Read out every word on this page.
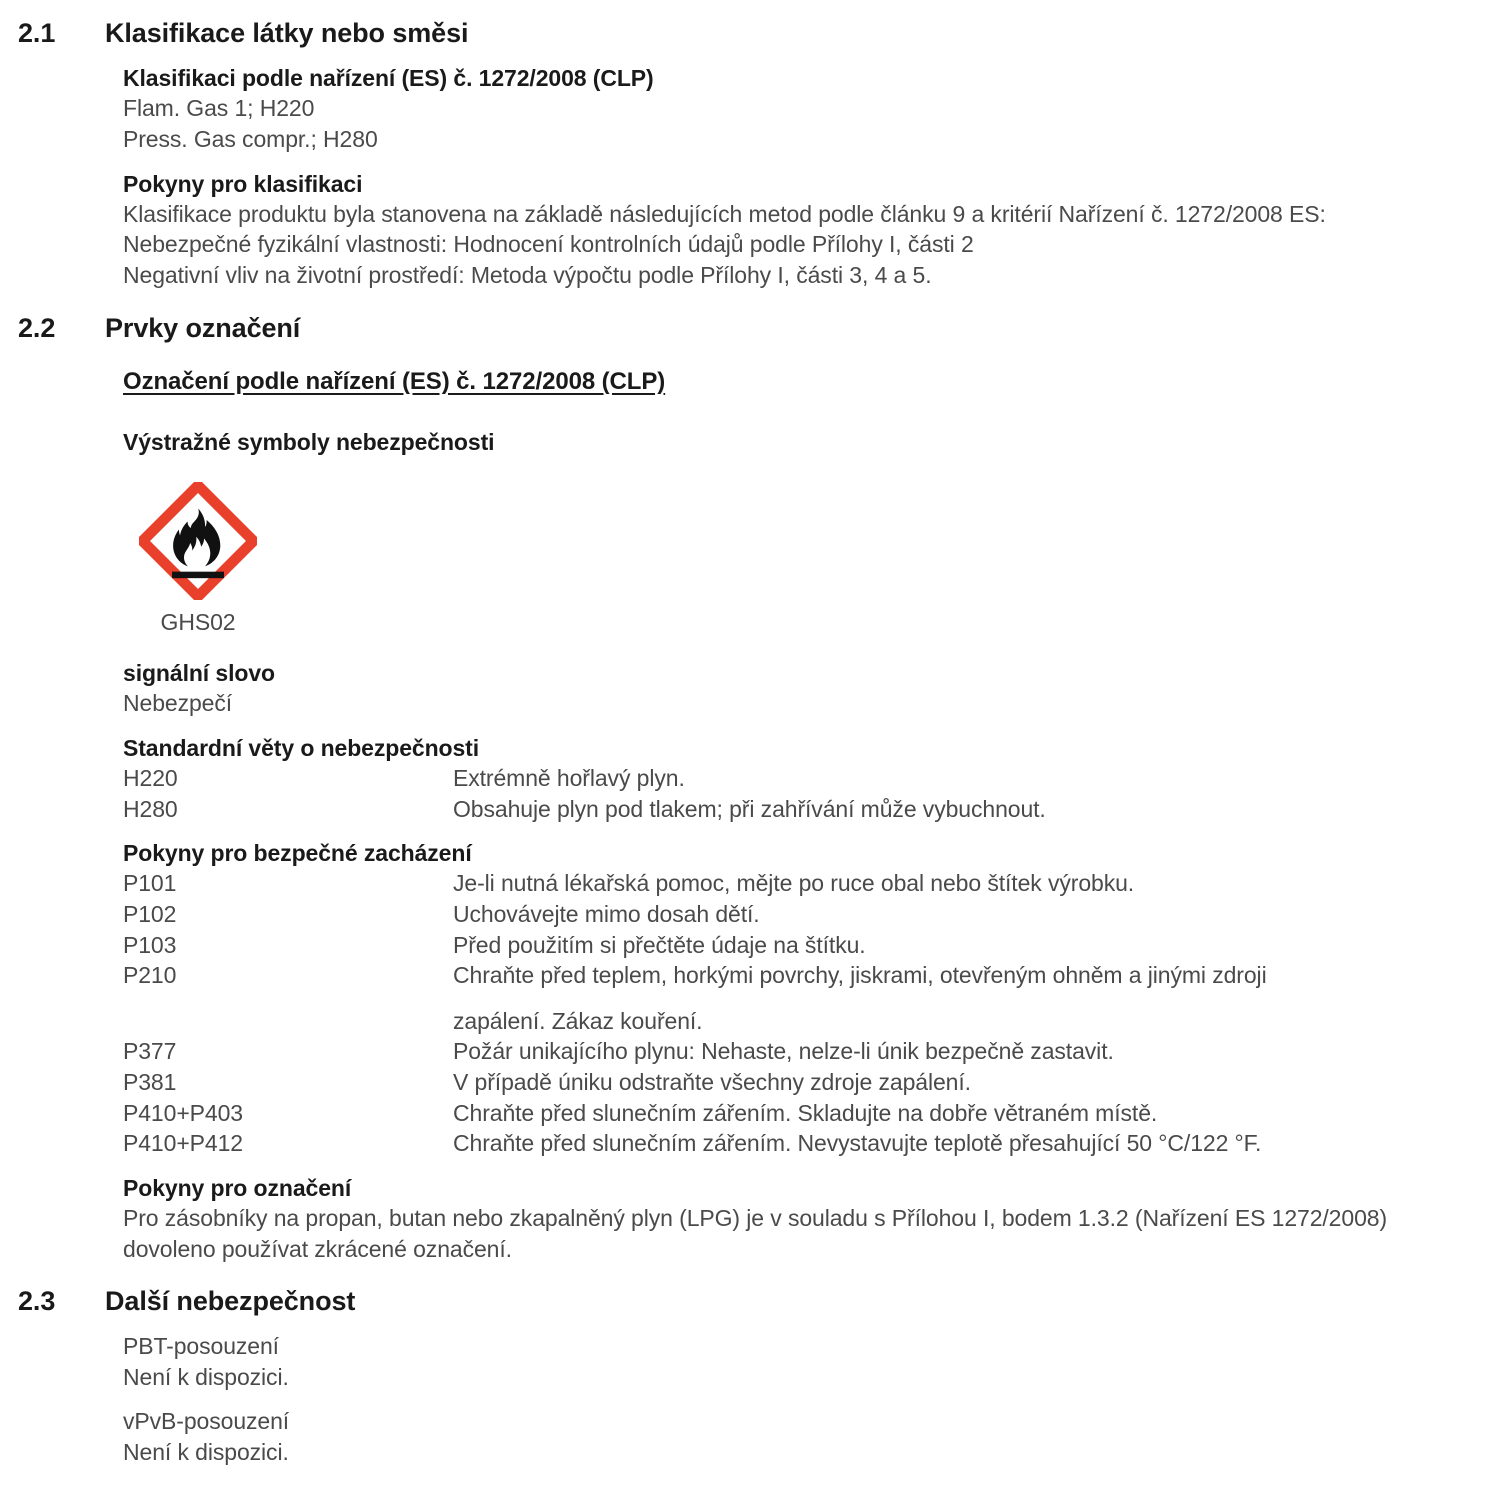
2.1	Klasifikace látky nebo směsi
Klasifikaci podle nařízení (ES) č. 1272/2008 (CLP)
Flam. Gas 1; H220
Press. Gas compr.; H280
Pokyny pro klasifikaci
Klasifikace produktu byla stanovena na základě následujících metod podle článku 9 a kritérií Nařízení č. 1272/2008 ES:
Nebezpečné fyzikální vlastnosti: Hodnocení kontrolních údajů podle Přílohy I, části 2
Negativní vliv na životní prostředí: Metoda výpočtu podle Přílohy I, části 3, 4 a 5.
2.2	Prvky označení
Označení podle nařízení (ES) č. 1272/2008 (CLP)
Výstražné symboly nebezpečnosti
GHS02
signální slovo
Nebezpečí
Standardní věty o nebezpečnosti
H220	Extrémně hořlavý plyn.
H280	Obsahuje plyn pod tlakem; při zahřívání může vybuchnout.
Pokyny pro bezpečné zacházení
P101	Je-li nutná lékařská pomoc, mějte po ruce obal nebo štítek výrobku.
P102	Uchovávejte mimo dosah dětí.
P103	Před použitím si přečtěte údaje na štítku.
P210	Chraňte před teplem, horkými povrchy, jiskrami, otevřeným ohněm a jinými zdroji
zapálení. Zákaz kouření.
P377	Požár unikajícího plynu: Nehaste, nelze-li únik bezpečně zastavit.
P381	V případě úniku odstraňte všechny zdroje zapálení.
P410+P403	Chraňte před slunečním zářením. Skladujte na dobře větraném místě.
P410+P412	Chraňte před slunečním zářením. Nevystavujte teplotě přesahující 50 °C/122 °F.
Pokyny pro označení
Pro zásobníky na propan, butan nebo zkapalněný plyn (LPG) je v souladu s Přílohou I, bodem 1.3.2 (Nařízení ES 1272/2008) dovoleno používat zkrácené označení.
2.3	Další nebezpečnost
PBT-posouzení
Není k dispozici.
vPvB-posouzení
Není k dispozici.
